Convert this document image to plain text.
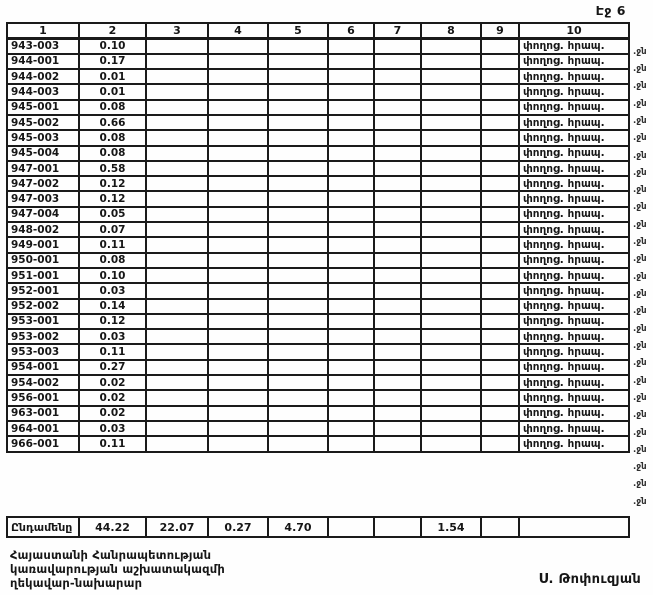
Էջ 6
1	2	3	4	5	6	7	8	9	10
943-003	0.10								փողոց. հրապ.
944-001	0.17								փողոց. հրապ.
944-002	0.01								փողոց. հրապ.
944-003	0.01								փողոց. հրապ.
945-001	0.08								փողոց. հրապ.
945-002	0.66								փողոց. հրապ.
945-003	0.08								փողոց. հրապ.
945-004	0.08								փողոց. հրապ.
947-001	0.58								փողոց. հրապ.
947-002	0.12								փողոց. հրապ.
947-003	0.12								փողոց. հրապ.
947-004	0.05								փողոց. հրապ.
948-002	0.07								փողոց. հրապ.
949-001	0.11								փողոց. հրապ.
950-001	0.08								փողոց. հրապ.
951-001	0.10								փողոց. հրապ.
952-001	0.03								փողոց. հրապ.
952-002	0.14								փողոց. հրապ.
953-001	0.12								փողոց. հրապ.
953-002	0.03								փողոց. հրապ.
953-003	0.11								փողոց. հրապ.
954-001	0.27								փողոց. հրապ.
954-002	0.02								փողոց. հրապ.
956-001	0.02								փողոց. հրապ.
963-001	0.02								փողոց. հրապ.
964-001	0.03								փողոց. հրապ.
966-001	0.11								փողոց. հրապ.
.ջն
.ջն
.ջն
.ջն
.ջն
.ջն
.ջն
.ջն
.ջն
.ջն
.ջն
.ջն
.ջն
.ջն
.ջն
.ջն
.ջն
.ջն
.ջն
.ջն
.ջն
.ջն
.ջն
.ջն
.ջն
.ջն
.ջն
Ընդամենը	44.22	22.07	0.27	4.70			1.54		
Հայաստանի Հանրապետության
կառավարության աշխատակազմի
ղեկավար-նախարար	Ս. Թոփուզյան
